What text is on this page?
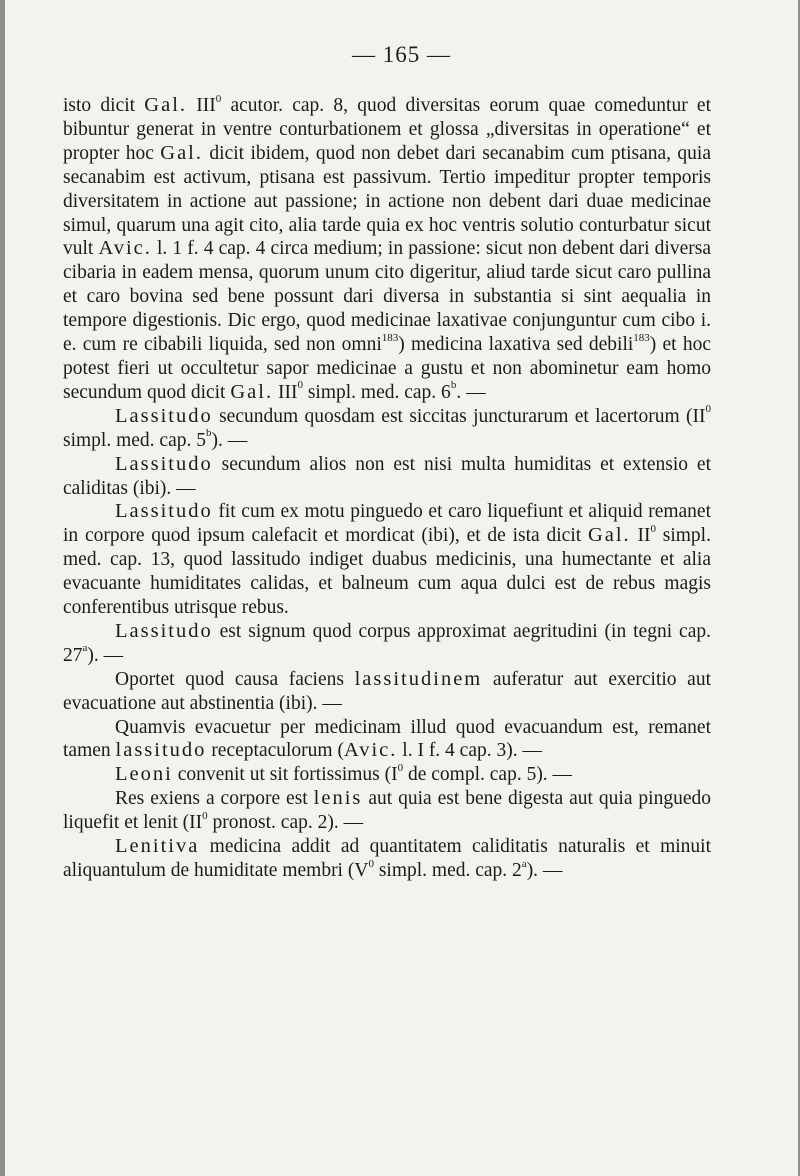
— 165 —

isto dicit Gal. III$^0$ acutor. cap. 8, quod diversitas eorum quae comeduntur et bibuntur generat in ventre conturbationem et glossa „diversitas in operatione“ et propter hoc Gal. dicit ibidem, quod non debet dari secanabim cum ptisana, quia secanabim est activum, ptisana est passivum. Tertio impeditur propter temporis diversitatem in actione aut passione; in actione non debent dari duae medicinae simul, quarum una agit cito, alia tarde quia ex hoc ventris solutio conturbatur sicut vult Avic. l. 1 f. 4 cap. 4 circa medium; in passione: sicut non debent dari diversa cibaria in eadem mensa, quorum unum cito digeritur, aliud tarde sicut caro pullina et caro bovina sed bene possunt dari diversa in substantia si sint aequalia in tempore digestionis. Dic ergo, quod medicinae laxativae conjunguntur cum cibo i. e. cum re cibabili liquida, sed non omni$^{183}$) medicina laxativa sed debili$^{183}$) et hoc potest fieri ut occultetur sapor medicinae a gustu et non abominetur eam homo secundum quod dicit Gal. III$^0$ simpl. med. cap. 6$^b$. —

Lassitudo secundum quosdam est siccitas juncturarum et lacertorum ($II^0$ simpl. med. cap. 5$^b$). —

Lassitudo secundum alios non est nisi multa humiditas et extensio et caliditas (ibi). —

Lassitudo fit cum ex motu pinguedo et caro liquefiunt et aliquid remanet in corpore quod ipsum calefacit et mordicat (ibi), et de ista dicit Gal. $II^0$ simpl. med. cap. 13, quod lassitudo indiget duabus medicinis, una humectante et alia evacuante humiditates calidas, et balneum cum aqua dulci est de rebus magis conferentibus utrisque rebus.

Lassitudo est signum quod corpus approximat aegritudini (in tegni cap. 27$^a$). —

Oportet quod causa faciens lassitudinem auferatur aut exercitio aut evacuatione aut abstinentia (ibi). —

Quamvis evacuetur per medicinam illud quod evacuandum est, remanet tamen lassitudo receptaculorum (Avic. l. I f. 4 cap. 3). —

Leoni convenit ut sit fortissimus ($I^0$ de compl. cap. 5). —

Res exiens a corpore est lenis aut quia est bene digesta aut quia pinguedo liquefit et lenit ($II^0$ pronost. cap. 2). —

Lenitiva medicina addit ad quantitatem caliditatis naturalis et minuit aliquantulum de humiditate membri ($V^0$ simpl. med. cap. 2$^a$). —
